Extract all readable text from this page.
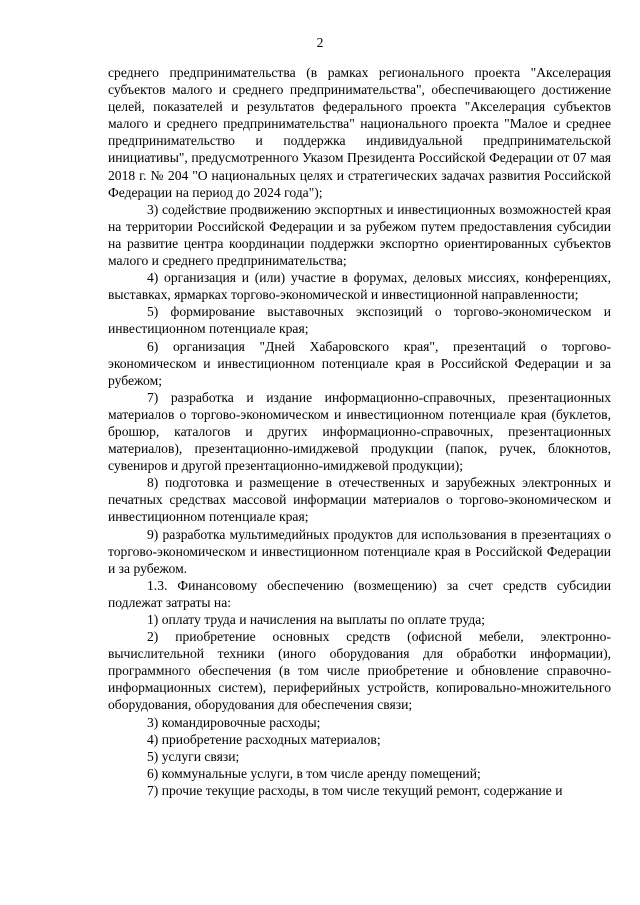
2

среднего предпринимательства (в рамках регионального проекта "Акселерация субъектов малого и среднего предпринимательства", обеспечивающего достижение целей, показателей и результатов федерального проекта "Акселерация субъектов малого и среднего предпринимательства" национального проекта "Малое и среднее предпринимательство и поддержка индивидуальной предпринимательской инициативы", предусмотренного Указом Президента Российской Федерации от 07 мая 2018 г. № 204 "О национальных целях и стратегических задачах развития Российской Федерации на период до 2024 года");

3) содействие продвижению экспортных и инвестиционных возможностей края на территории Российской Федерации и за рубежом путем предоставления субсидии на развитие центра координации поддержки экспортно ориентированных субъектов малого и среднего предпринимательства;

4) организация и (или) участие в форумах, деловых миссиях, конференциях, выставках, ярмарках торгово-экономической и инвестиционной направленности;

5) формирование выставочных экспозиций о торгово-экономическом и инвестиционном потенциале края;

6) организация "Дней Хабаровского края", презентаций о торгово-экономическом и инвестиционном потенциале края в Российской Федерации и за рубежом;

7) разработка и издание информационно-справочных, презентационных материалов о торгово-экономическом и инвестиционном потенциале края (буклетов, брошюр, каталогов и других информационно-справочных, презентационных материалов), презентационно-имиджевой продукции (папок, ручек, блокнотов, сувениров и другой презентационно-имиджевой продукции);

8) подготовка и размещение в отечественных и зарубежных электронных и печатных средствах массовой информации материалов о торгово-экономическом и инвестиционном потенциале края;

9) разработка мультимедийных продуктов для использования в презентациях о торгово-экономическом и инвестиционном потенциале края в Российской Федерации и за рубежом.

1.3. Финансовому обеспечению (возмещению) за счет средств субсидии подлежат затраты на:

1) оплату труда и начисления на выплаты по оплате труда;

2) приобретение основных средств (офисной мебели, электронно-вычислительной техники (иного оборудования для обработки информации), программного обеспечения (в том числе приобретение и обновление справочно-информационных систем), периферийных устройств, копировально-множительного оборудования, оборудования для обеспечения связи;

3) командировочные расходы;

4) приобретение расходных материалов;

5) услуги связи;

6) коммунальные услуги, в том числе аренду помещений;

7) прочие текущие расходы, в том числе текущий ремонт, содержание и
